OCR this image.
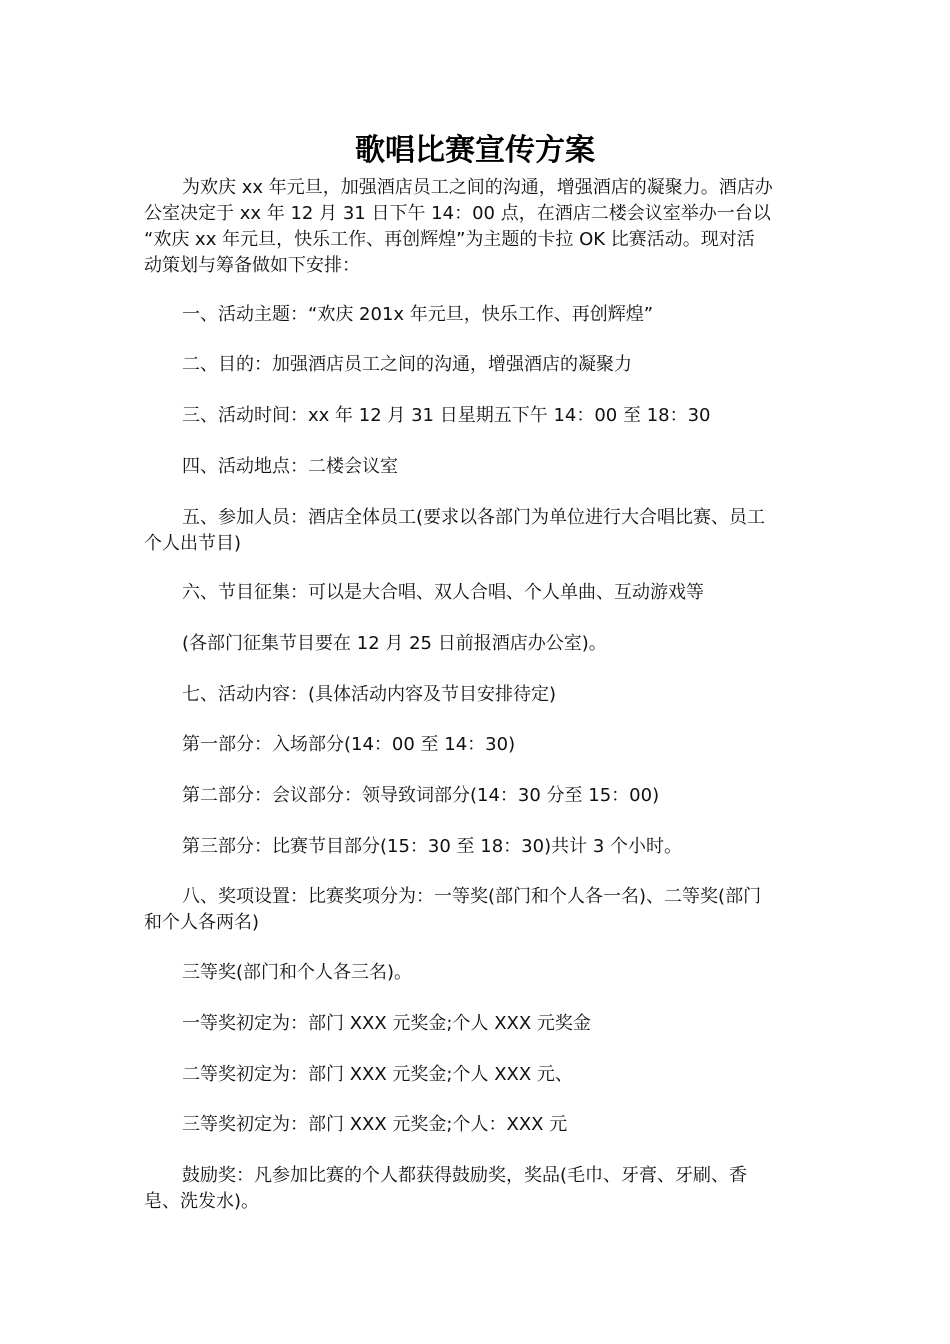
歌唱比赛宣传方案

为欢庆 xx 年元旦，加强酒店员工之间的沟通，增强酒店的凝聚力。酒店办

公室决定于 xx 年 12 月 31 日下午 14：00 点，在酒店二楼会议室举办一台以

“欢庆 xx 年元旦，快乐工作、再创辉煌”为主题的卡拉 OK 比赛活动。现对活

动策划与筹备做如下安排：

一、活动主题：“欢庆 201x 年元旦，快乐工作、再创辉煌”

二、目的：加强酒店员工之间的沟通，增强酒店的凝聚力

三、活动时间：xx 年 12 月 31 日星期五下午 14：00 至 18：30

四、活动地点：二楼会议室

五、参加人员：酒店全体员工(要求以各部门为单位进行大合唱比赛、员工

个人出节目)

六、节目征集：可以是大合唱、双人合唱、个人单曲、互动游戏等

(各部门征集节目要在 12 月 25 日前报酒店办公室)。

七、活动内容：(具体活动内容及节目安排待定)

第一部分：入场部分(14：00 至 14：30)

第二部分：会议部分：领导致词部分(14：30 分至 15：00)

第三部分：比赛节目部分(15：30 至 18：30)共计 3 个小时。

八、奖项设置：比赛奖项分为：一等奖(部门和个人各一名)、二等奖(部门

和个人各两名)

三等奖(部门和个人各三名)。

一等奖初定为：部门 XXX 元奖金;个人 XXX 元奖金

二等奖初定为：部门 XXX 元奖金;个人 XXX 元、

三等奖初定为：部门 XXX 元奖金;个人：XXX 元

鼓励奖：凡参加比赛的个人都获得鼓励奖，奖品(毛巾、牙膏、牙刷、香

皂、洗发水)。
